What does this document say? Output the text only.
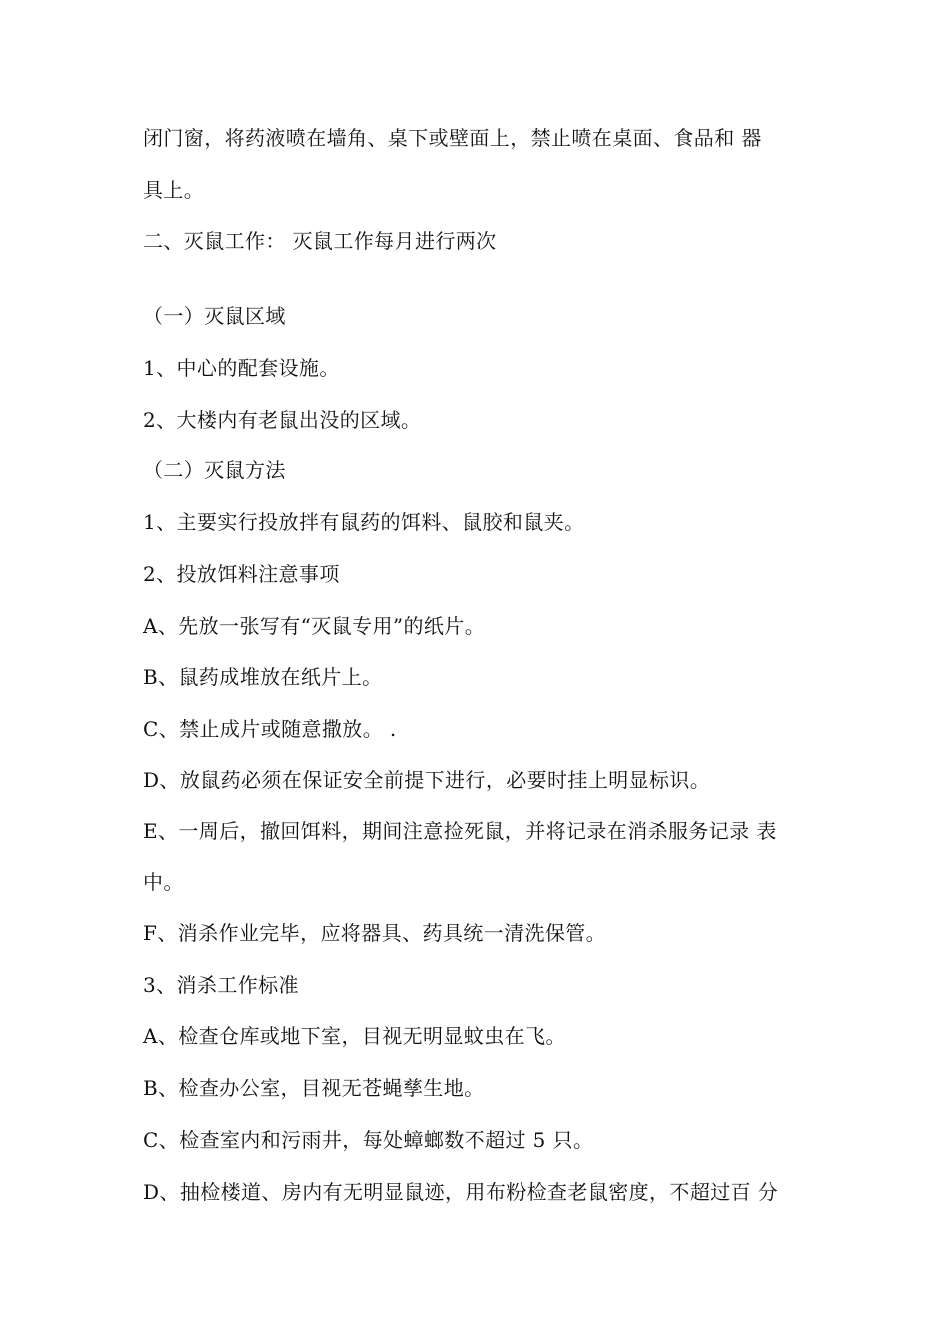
闭门窗，将药液喷在墙角、桌下或壁面上，禁止喷在桌面、食品和 器
具上。
二、灭鼠工作： 灭鼠工作每月进行两次
（一）灭鼠区域
1、中心的配套设施。
2、大楼内有老鼠出没的区域。
（二）灭鼠方法
1、主要实行投放拌有鼠药的饵料、鼠胶和鼠夹。
2、投放饵料注意事项
A、先放一张写有“灭鼠专用”的纸片。
B、鼠药成堆放在纸片上。
C、禁止成片或随意撒放。 .
D、放鼠药必须在保证安全前提下进行，必要时挂上明显标识。
E、一周后，撤回饵料，期间注意捡死鼠，并将记录在消杀服务记录 表
中。
F、消杀作业完毕，应将器具、药具统一清洗保管。
3、消杀工作标准
A、检查仓库或地下室，目视无明显蚊虫在飞。
B、检查办公室，目视无苍蝇孳生地。
C、检查室内和污雨井，每处蟑螂数不超过 5 只。
D、抽检楼道、房内有无明显鼠迹，用布粉检查老鼠密度，不超过百 分
